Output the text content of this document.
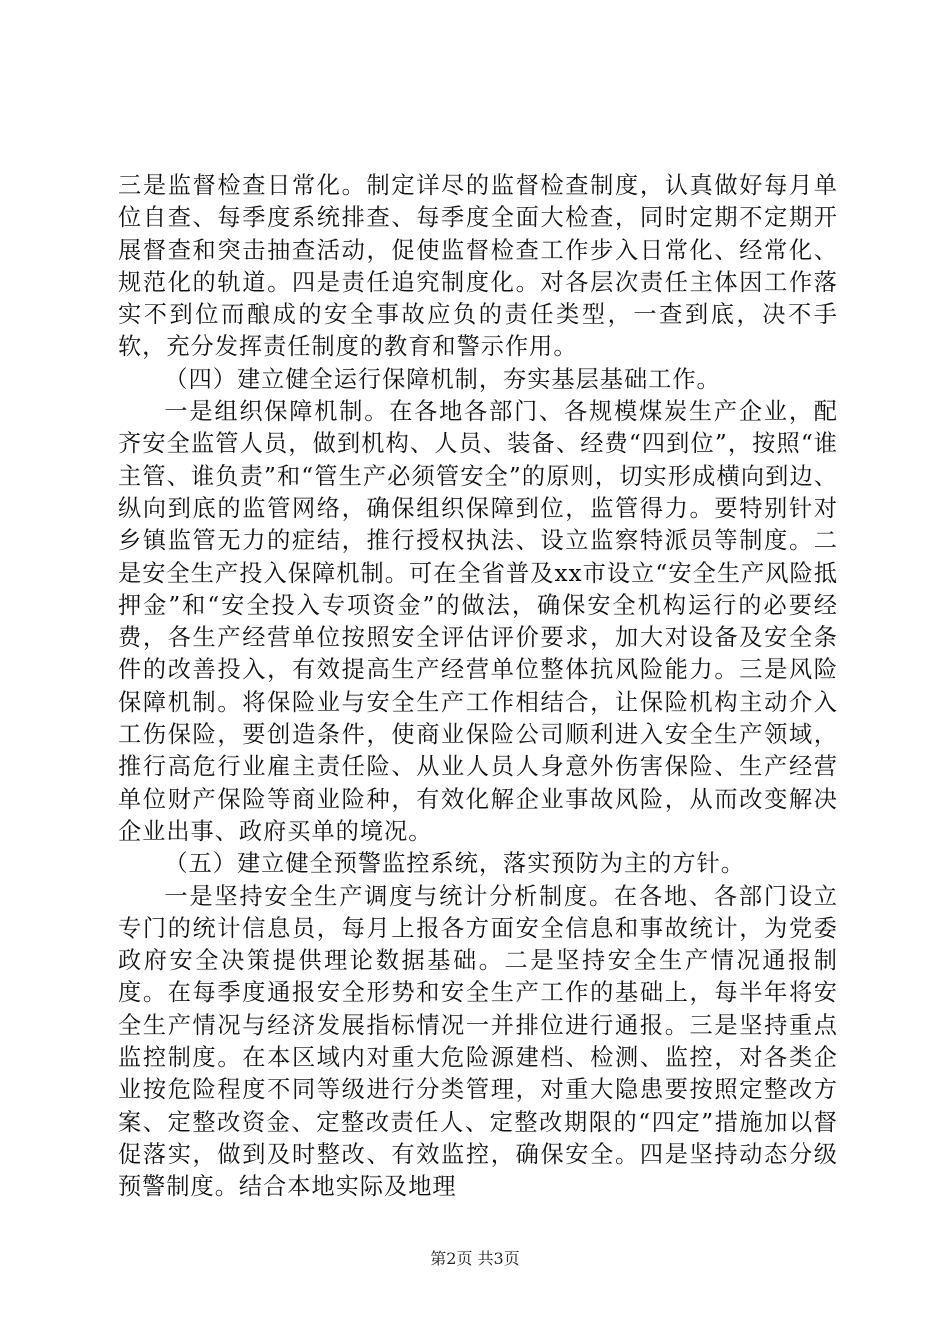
三是监督检查日常化。制定详尽的监督检查制度，认真做好每月单位自查、每季度系统排查、每季度全面大检查，同时定期不定期开展督查和突击抽查活动，促使监督检查工作步入日常化、经常化、规范化的轨道。四是责任追究制度化。对各层次责任主体因工作落实不到位而酿成的安全事故应负的责任类型，一查到底，决不手软，充分发挥责任制度的教育和警示作用。

（四）建立健全运行保障机制，夯实基层基础工作。

一是组织保障机制。在各地各部门、各规模煤炭生产企业，配齐安全监管人员，做到机构、人员、装备、经费“四到位”，按照“谁主管、谁负责”和“管生产必须管安全”的原则，切实形成横向到边、纵向到底的监管网络，确保组织保障到位，监管得力。要特别针对乡镇监管无力的症结，推行授权执法、设立监察特派员等制度。二是安全生产投入保障机制。可在全省普及xx市设立“安全生产风险抵押金”和“安全投入专项资金”的做法，确保安全机构运行的必要经费，各生产经营单位按照安全评估评价要求，加大对设备及安全条件的改善投入，有效提高生产经营单位整体抗风险能力。三是风险保障机制。将保险业与安全生产工作相结合，让保险机构主动介入工伤保险，要创造条件，使商业保险公司顺利进入安全生产领域，推行高危行业雇主责任险、从业人员人身意外伤害保险、生产经营单位财产保险等商业险种，有效化解企业事故风险，从而改变解决企业出事、政府买单的境况。

（五）建立健全预警监控系统，落实预防为主的方针。

一是坚持安全生产调度与统计分析制度。在各地、各部门设立专门的统计信息员，每月上报各方面安全信息和事故统计，为党委政府安全决策提供理论数据基础。二是坚持安全生产情况通报制度。在每季度通报安全形势和安全生产工作的基础上，每半年将安全生产情况与经济发展指标情况一并排位进行通报。三是坚持重点监控制度。在本区域内对重大危险源建档、检测、监控，对各类企业按危险程度不同等级进行分类管理，对重大隐患要按照定整改方案、定整改资金、定整改责任人、定整改期限的“四定”措施加以督促落实，做到及时整改、有效监控，确保安全。四是坚持动态分级预警制度。结合本地实际及地理

第2页 共3页
